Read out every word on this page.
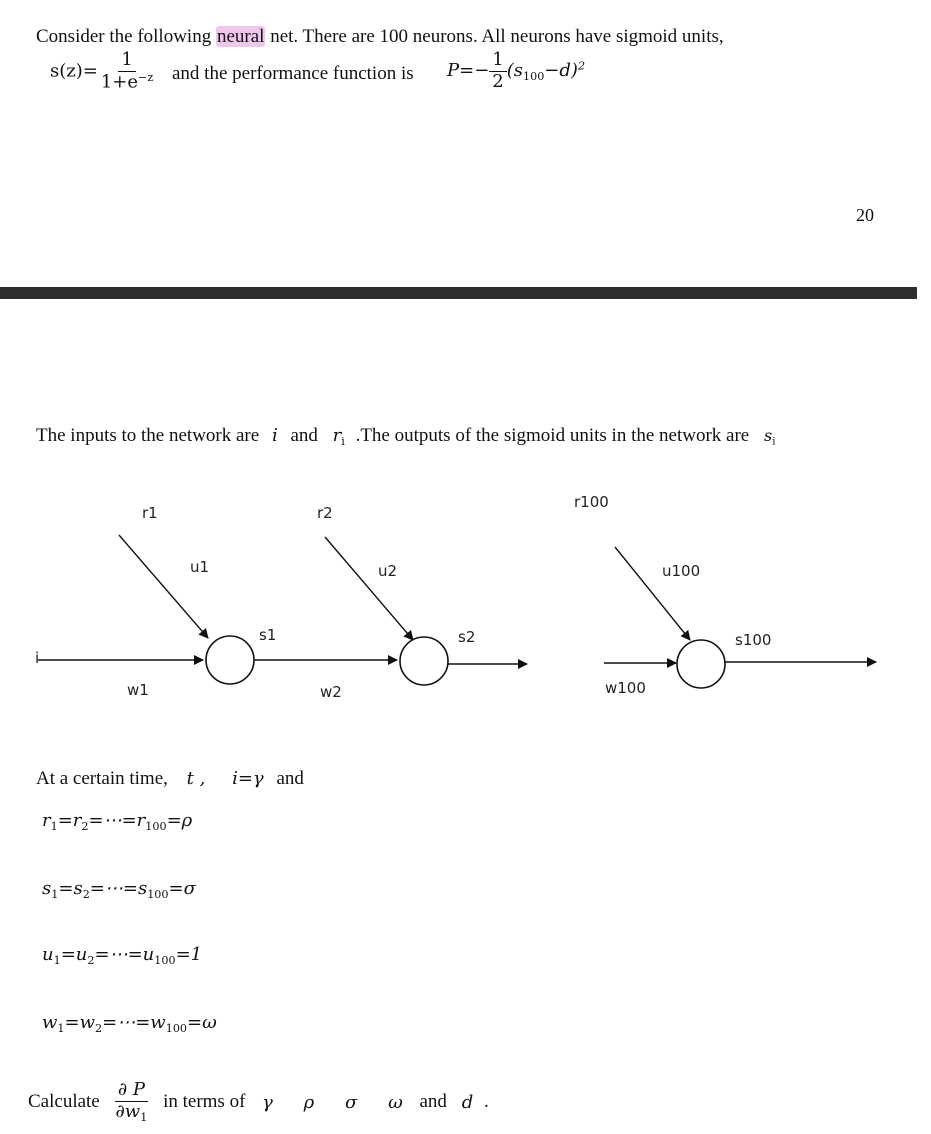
Consider the following neural net. There are 100 neurons. All neurons have sigmoid units,
$s(z)= \frac{1}{1+e^{-z}}$ and the performance function is $P=- \frac{1}{2} (s_{100}-d)^2$
20
The inputs to the network are i and $r_i$ .The outputs of the sigmoid units in the network are $s_i$
i
r1
u1
s1
w1
r2
u2
s2
w2
r100
u100
s100
w100
At a certain time, t , i=γ and
$r_1=r_2=\cdots=r_{100}=\rho$
$s_1=s_2=\cdots=s_{100}=\sigma$
$u_1=u_2=\cdots=u_{100}=1$
$w_1=w_2=\cdots=w_{100}=\omega$
Calculate $\frac{\partial P}{\partial w_1}$ in terms of γ ρ σ ω and d .
